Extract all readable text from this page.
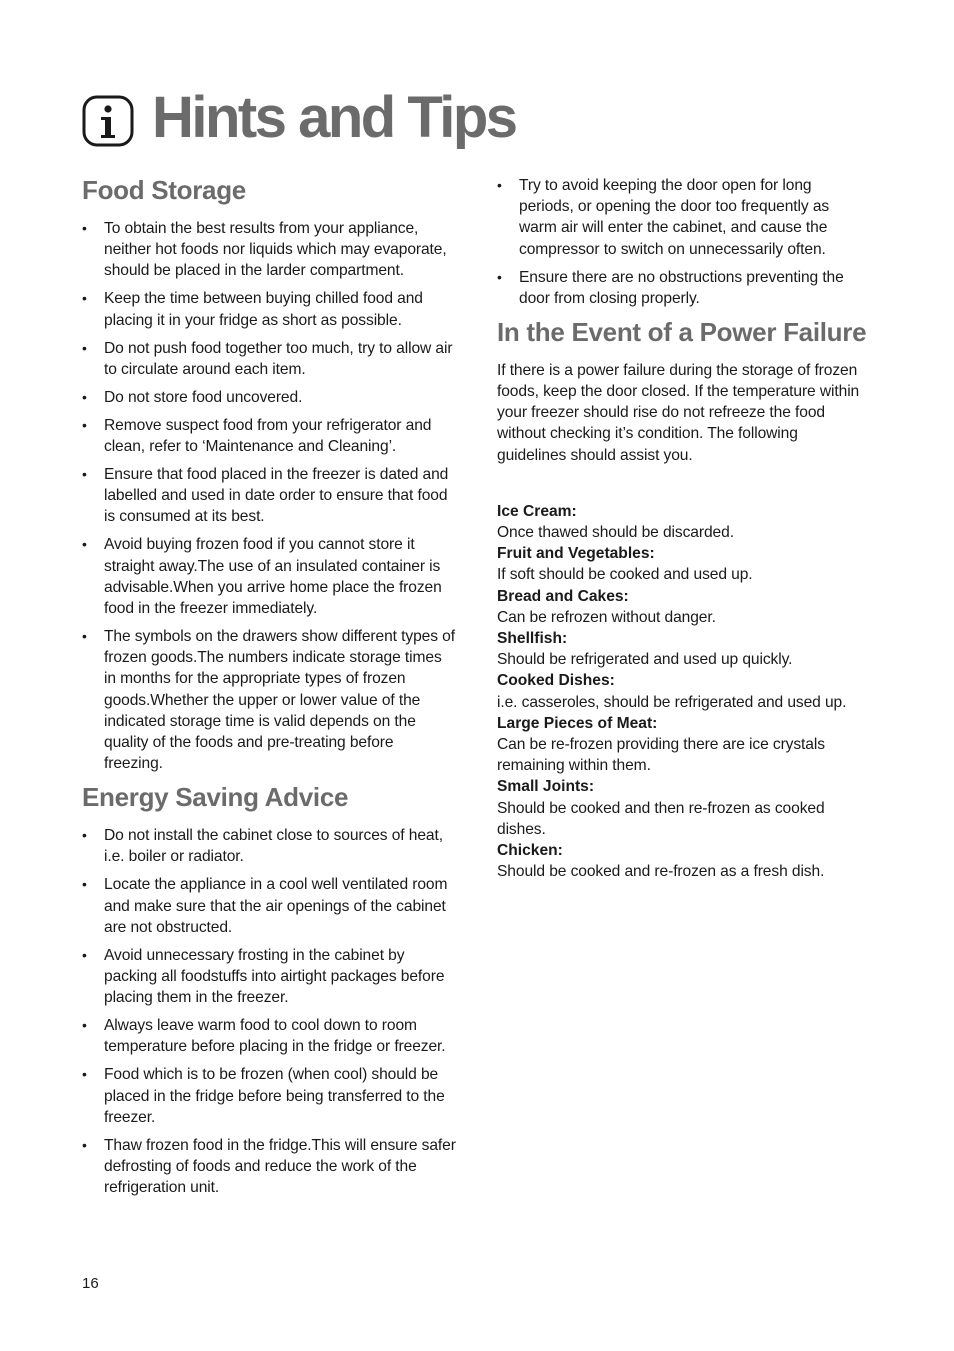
Hints and Tips
Food Storage
• To obtain the best results from your appliance, neither hot foods nor liquids which may evaporate, should be placed in the larder compartment.
• Keep the time between buying chilled food and placing it in your fridge as short as possible.
• Do not push food together too much, try to allow air to circulate around each item.
• Do not store food uncovered.
• Remove suspect food from your refrigerator and clean, refer to ‘Maintenance and Cleaning’.
• Ensure that food placed in the freezer is dated and labelled and used in date order to ensure that food is consumed at its best.
• Avoid buying frozen food if you cannot store it straight away.The use of an insulated container is advisable.When you arrive home place the frozen food in the freezer immediately.
• The symbols on the drawers show different types of frozen goods.The numbers indicate storage times in months for the appropriate types of frozen goods.Whether the upper or lower value of the indicated storage time is valid depends on the quality of the foods and pre-treating before freezing.
Energy Saving Advice
• Do not install the cabinet close to sources of heat, i.e. boiler or radiator.
• Locate the appliance in a cool well ventilated room and make sure that the air openings of the cabinet are not obstructed.
• Avoid unnecessary frosting in the cabinet by packing all foodstuffs into airtight packages before placing them in the freezer.
• Always leave warm food to cool down to room temperature before placing in the fridge or freezer.
• Food which is to be frozen (when cool) should be placed in the fridge before being transferred to the freezer.
• Thaw frozen food in the fridge.This will ensure safer defrosting of foods and reduce the work of the refrigeration unit.
• Try to avoid keeping the door open for long periods, or opening the door too frequently as warm air will enter the cabinet, and cause the compressor to switch on unnecessarily often.
• Ensure there are no obstructions preventing the door from closing properly.
In the Event of a Power Failure

If there is a power failure during the storage of frozen foods, keep the door closed. If the temperature within your freezer should rise do not refreeze the food without checking it’s condition. The following guidelines should assist you.

Ice Cream:
Once thawed should be discarded.
Fruit and Vegetables:
If soft should be cooked and used up.
Bread and Cakes:
Can be refrozen without danger.
Shellfish:
Should be refrigerated and used up quickly.
Cooked Dishes:
i.e. casseroles, should be refrigerated and used up.
Large Pieces of Meat:
Can be re-frozen providing there are ice crystals remaining within them.
Small Joints:
Should be cooked and then re-frozen as cooked dishes.
Chicken:
Should be cooked and re-frozen as a fresh dish.
16
